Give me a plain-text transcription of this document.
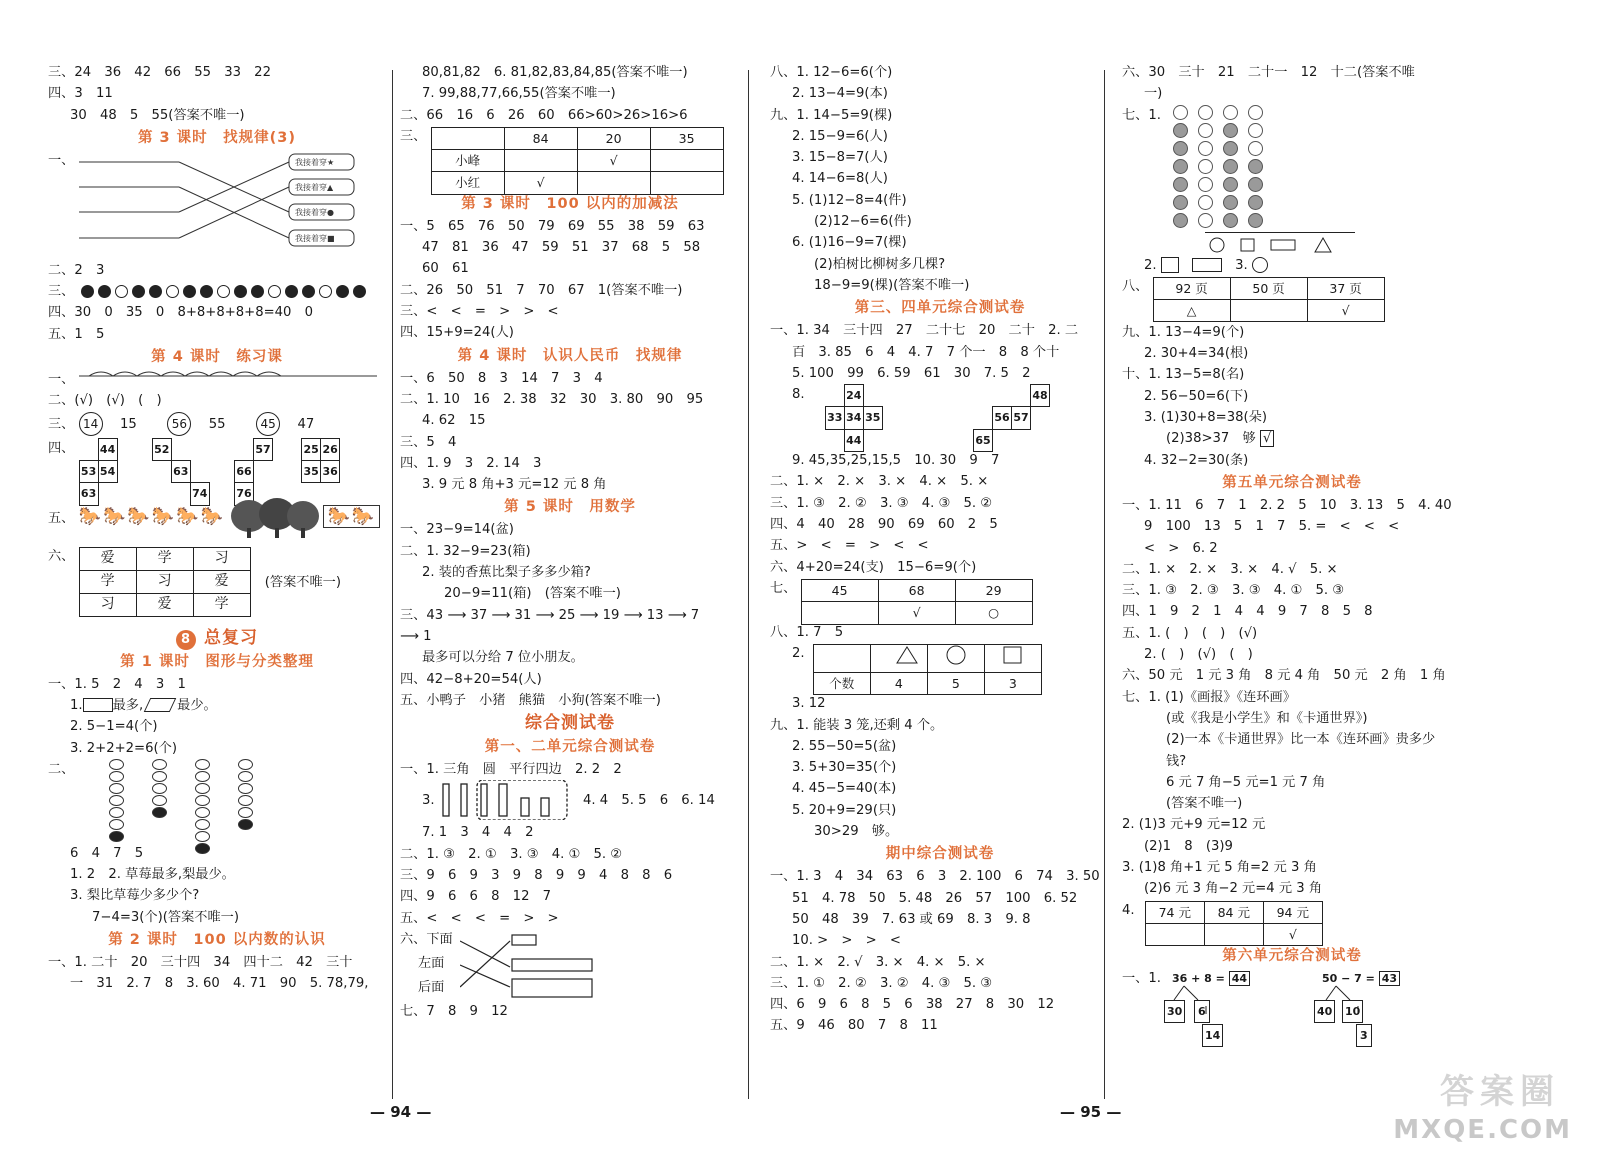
三、24　36　42　66　55　33　22
四、3　11
30　48　5　55(答案不唯一)
第 3 课时　找规律(3)
一、	我接着穿★
我接着穿▲
我接着穿●
我接着穿■
二、2　3
三、
四、30　0　35　0　8+8+8+8+8=40　0
五、1　5
第 4 课时　练习课
一、
二、(√)　(√)　(　)
三、 14　 15　　	56　 55　　	45　 47
四、
	44
53	54
63	

52		
	63	
		74

	57
66	
76	

25	26
35	36
五、 🐎🐎🐎🐎🐎🐎	🐎🐎
六、 爱	学	习
学	习	爱
习	爱	学
(答案不唯一)
8 总复习
第 1 课时　图形与分类整理
一、1. 5　2　4　3　1
1. 最多,	最少。
2. 5−1=4(个)
3. 2+2+2=6(个)
二、
6　4　7　5
1. 2　2. 草莓最多,梨最少。
3. 梨比草莓少多少个?
7−4=3(个)(答案不唯一)
第 2 课时　100 以内数的认识
一、1. 二十　20　三十四　34　四十二　42　三十
一　31　2. 7　8　3. 60　4. 71　90　5. 78,79,
80,81,82　6. 81,82,83,84,85(答案不唯一)
7. 99,88,77,66,55(答案不唯一)
二、66　16　6　26　60　66>60>26>16>6
三、
		84	20	35
小峰		√	
小红	√		
第 3 课时　100 以内的加减法
一、5　65　76　50　79　69　55　38　59　63
47　81　36　47　59　51　37　68　5　58
60　61
二、26　50　51　7　70　67　1(答案不唯一)
三、<　<　=　>　>　<
四、15+9=24(人)
第 4 课时　认识人民币　找规律
一、6　50　8　3　14　7　3　4
二、1. 10　16　2. 38　32　30　3. 80　90　95
4. 62　15
三、5　4
四、1. 9　3　2. 14　3
3. 9 元 8 角+3 元=12 元 8 角
第 5 课时　用数学
一、23−9=14(盆)
二、1. 32−9=23(箱)
2. 装的香蕉比梨子多多少箱?
20−9=11(箱)　(答案不唯一)
三、43 ⟶ 37 ⟶ 31 ⟶ 25 ⟶ 19 ⟶ 13 ⟶ 7
⟶ 1
最多可以分给 7 位小朋友。
四、42−8+20=54(人)
五、小鸭子　小猪　熊猫　小狗(答案不唯一)
综合测试卷
第一、二单元综合测试卷
一、1. 三角　圆　平行四边　2. 2　2
3.	4. 4　5. 5　6　6. 14
7. 1　3　4　4　2
二、1. ③　2. ①　3. ③　4. ①　5. ②
三、9　6　9　3　9　8　9　9　4　8　8　6
四、9　6　6　8　12　7
五、<　<　<　=　>　>
六、下面
左面
后面
七、7　8　9　12
八、1. 12−6=6(个)
2. 13−4=9(本)
九、1. 14−5=9(棵)
2. 15−9=6(人)
3. 15−8=7(人)
4. 14−6=8(人)
5. (1)12−8=4(件)
(2)12−6=6(件)
6. (1)16−9=7(棵)
(2)柏树比柳树多几棵?
18−9=9(棵)(答案不唯一)
第三、四单元综合测试卷
一、1. 34　三十四　27　二十七　20　二十　2. 二
百　3. 85　6　4　4. 7　7 个一　8　8 个十
5. 100　99　6. 59　61　30　7. 5　2
8.
		24	
33	34	35
	44	

			48
	56	57	
65			
9. 45,35,25,15,5　10. 30　9　7
二、1. ×　2. ×　3. ×　4. ×　5. ×
三、1. ③　2. ②　3. ③　4. ③　5. ②
四、4　40　28　90　69　60　2　5
五、>　<　=　>　<　<
六、4+20=24(支)　15−6=9(个)
七、	45	68	29
	√	○
八、1. 7　5
2.

个数	4	5	3
3. 12
九、1. 能装 3 笼,还剩 4 个。
2. 55−50=5(盆)
3. 5+30=35(个)
4. 45−5=40(本)
5. 20+9=29(只)
30>29　够。
期中综合测试卷
一、1. 3　4　34　63　6　3　2. 100　6　74　3. 50
51　4. 78　50　5. 48　26　57　100　6. 52
50　48　39　7. 63 或 69　8. 3　9. 8
10. >　>　>　<
二、1. ×　2. √　3. ×　4. ×　5. ×
三、1. ①　2. ②　3. ②　4. ③　5. ③
四、6　9　6　8　5　6　38　27　8　30　12
五、9　46　80　7　8　11
六、30　三十　21　二十一　12　十二(答案不唯
一)
七、1.
2. 　　	3.
八、 92 页	50 页	37 页
△		√
九、1. 13−4=9(个)
2. 30+4=34(根)
十、1. 13−5=8(名)
2. 56−50=6(下)
3. (1)30+8=38(朵)
(2)38>37　够 √
4. 32−2=30(条)
第五单元综合测试卷
一、1. 11　6　7　1　2. 2　5　10　3. 13　5　4. 40
9　100　13　5　1　7　5. =　<　<　<
<　>　6. 2
二、1. ×　2. ×　3. ×　4. √　5. ×
三、1. ③　2. ③　3. ③　4. ①　5. ③
四、1　9　2　1　4　4　9　7　8　5　8
五、1. (　)　(　)　(√)
2. (　)　(√)　(　)
六、50 元　1 元 3 角　8 元 4 角　50 元　2 角　1 角
七、1. (1)《画报》《连环画》
(或《我是小学生》和《卡通世界》)
(2)一本《卡通世界》比一本《连环画》贵多少
钱?
6 元 7 角−5 元=1 元 7 角
(答案不唯一)
2. (1)3 元+9 元=12 元
(2)1　8　(3)9
3. (1)8 角+1 元 5 角=2 元 3 角
(2)6 元 3 角−2 元=4 元 3 角
4. 74 元	84 元	94 元
		√
第六单元综合测试卷
一、1. 36 + 8 = 44
30	6
14
50 − 7 = 43
40 10
3
— 94 —	— 95 —	答案圈
MXQE.COM
